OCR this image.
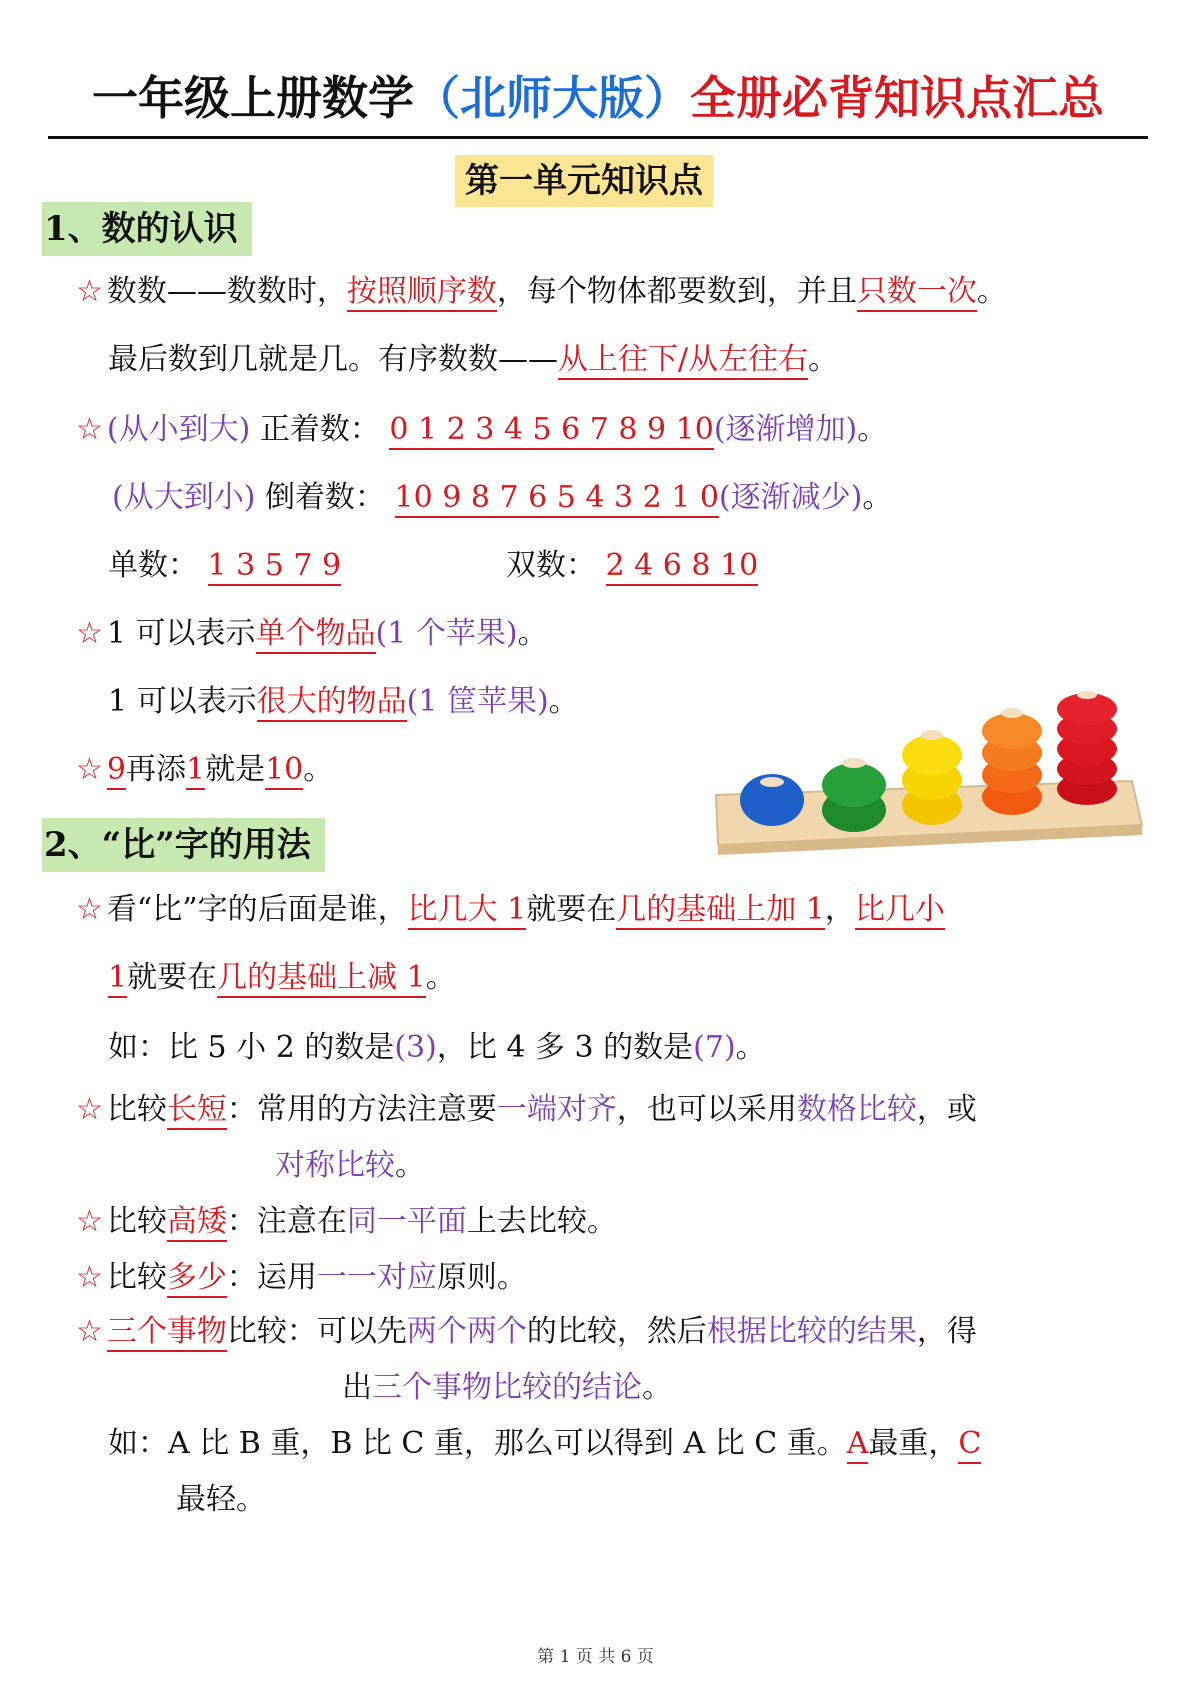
一年级上册数学（北师大版）全册必背知识点汇总
第一单元知识点
1、数的认识
☆ 数数——数数时，按照顺序数，每个物体都要数到，并且只数一次。
最后数到几就是几。有序数数——从上往下/从左往右。
☆ (从小到大) 正着数： 0 1 2 3 4 5 6 7 8 9 10(逐渐增加)。
(从大到小) 倒着数： 10 9 8 7 6 5 4 3 2 1 0(逐渐减少)。
单数： 1 3 5 7 9	双数： 2 4 6 8 10
☆ 1 可以表示单个物品(1 个苹果)。
1 可以表示很大的物品(1 筐苹果)。
☆ 9再添1就是10。
2、“比”字的用法
☆ 看“比”字的后面是谁，比几大 1就要在几的基础上加 1，比几小
1就要在几的基础上减 1。
如：比 5 小 2 的数是(3)，比 4 多 3 的数是(7)。
☆ 比较长短：常用的方法注意要一端对齐，也可以采用数格比较，或
对称比较。
☆ 比较高矮：注意在同一平面上去比较。
☆ 比较多少：运用一一对应原则。
☆ 三个事物比较：可以先两个两个的比较，然后根据比较的结果，得
出三个事物比较的结论。
如：A 比 B 重，B 比 C 重，那么可以得到 A 比 C 重。A最重，C
最轻。
第 1 页 共 6 页
